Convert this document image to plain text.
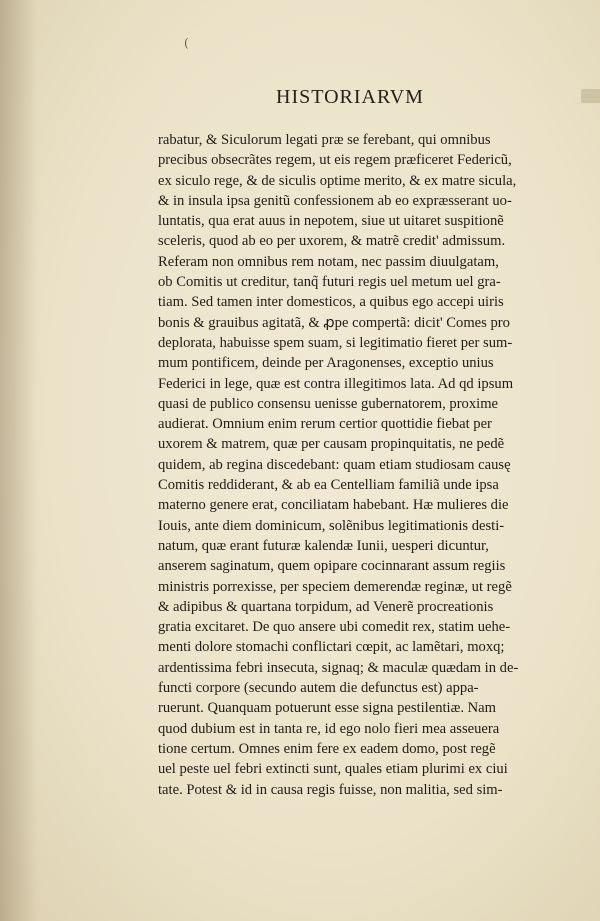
(
HISTORIARVM
rabatur, & Siculorum legati præ se ferebant, qui omnibus
precibus obsecrãtes regem, ut eis regem præficeret Federicũ,
ex siculo rege, & de siculis optime merito, & ex matre sicula,
& in insula ipsa genitũ confessionem ab eo expræsserant uo-
luntatis, qua erat auus in nepotem, siue ut uitaret suspitionẽ
sceleris, quod ab eo per uxorem, & matrẽ credit' admissum.
Referam non omnibus rem notam, nec passim diuulgatam,
ob Comitis ut creditur, tanq̃ futuri regis uel metum uel gra-
tiam. Sed tamen inter domesticos, a quibus ego accepi uiris
bonis & grauibus agitatã, & ꝓpe compertã: dicit' Comes pro
deplorata, habuisse spem suam, si legitimatio fieret per sum-
mum pontificem, deinde per Aragonenses, exceptio unius
Federici in lege, quæ est contra illegitimos lata. Ad qd ipsum
quasi de publico consensu uenisse gubernatorem, proxime
audierat. Omnium enim rerum certior quottidie fiebat per
uxorem & matrem, quæ per causam propinquitatis, ne pedẽ
quidem, ab regina discedebant: quam etiam studiosam causę
Comitis reddiderant, & ab ea Centelliam familiã unde ipsa
materno genere erat, conciliatam habebant. Hæ mulieres die
Iouis, ante diem dominicum, solẽnibus legitimationis desti-
natum, quæ erant futuræ kalendæ Iunii, uesperi dicuntur,
anserem saginatum, quem opipare cocinnarant assum regiis
ministris porrexisse, per speciem demerendæ reginæ, ut regẽ
& adipibus & quartana torpidum, ad Venerẽ procreationis
gratia excitaret. De quo ansere ubi comedit rex, statim uehe-
menti dolore stomachi conflictari cœpit, ac lamẽtari, moxq;
ardentissima febri insecuta, signaq; & maculæ quædam in de-
functi corpore (secundo autem die defunctus est) appa-
ruerunt. Quanquam potuerunt esse signa pestilentiæ. Nam
quod dubium est in tanta re, id ego nolo fieri mea asseuera
tione certum. Omnes enim fere ex eadem domo, post regẽ
uel peste uel febri extincti sunt, quales etiam plurimi ex ciui
tate. Potest & id in causa regis fuisse, non malitia, sed sim-
